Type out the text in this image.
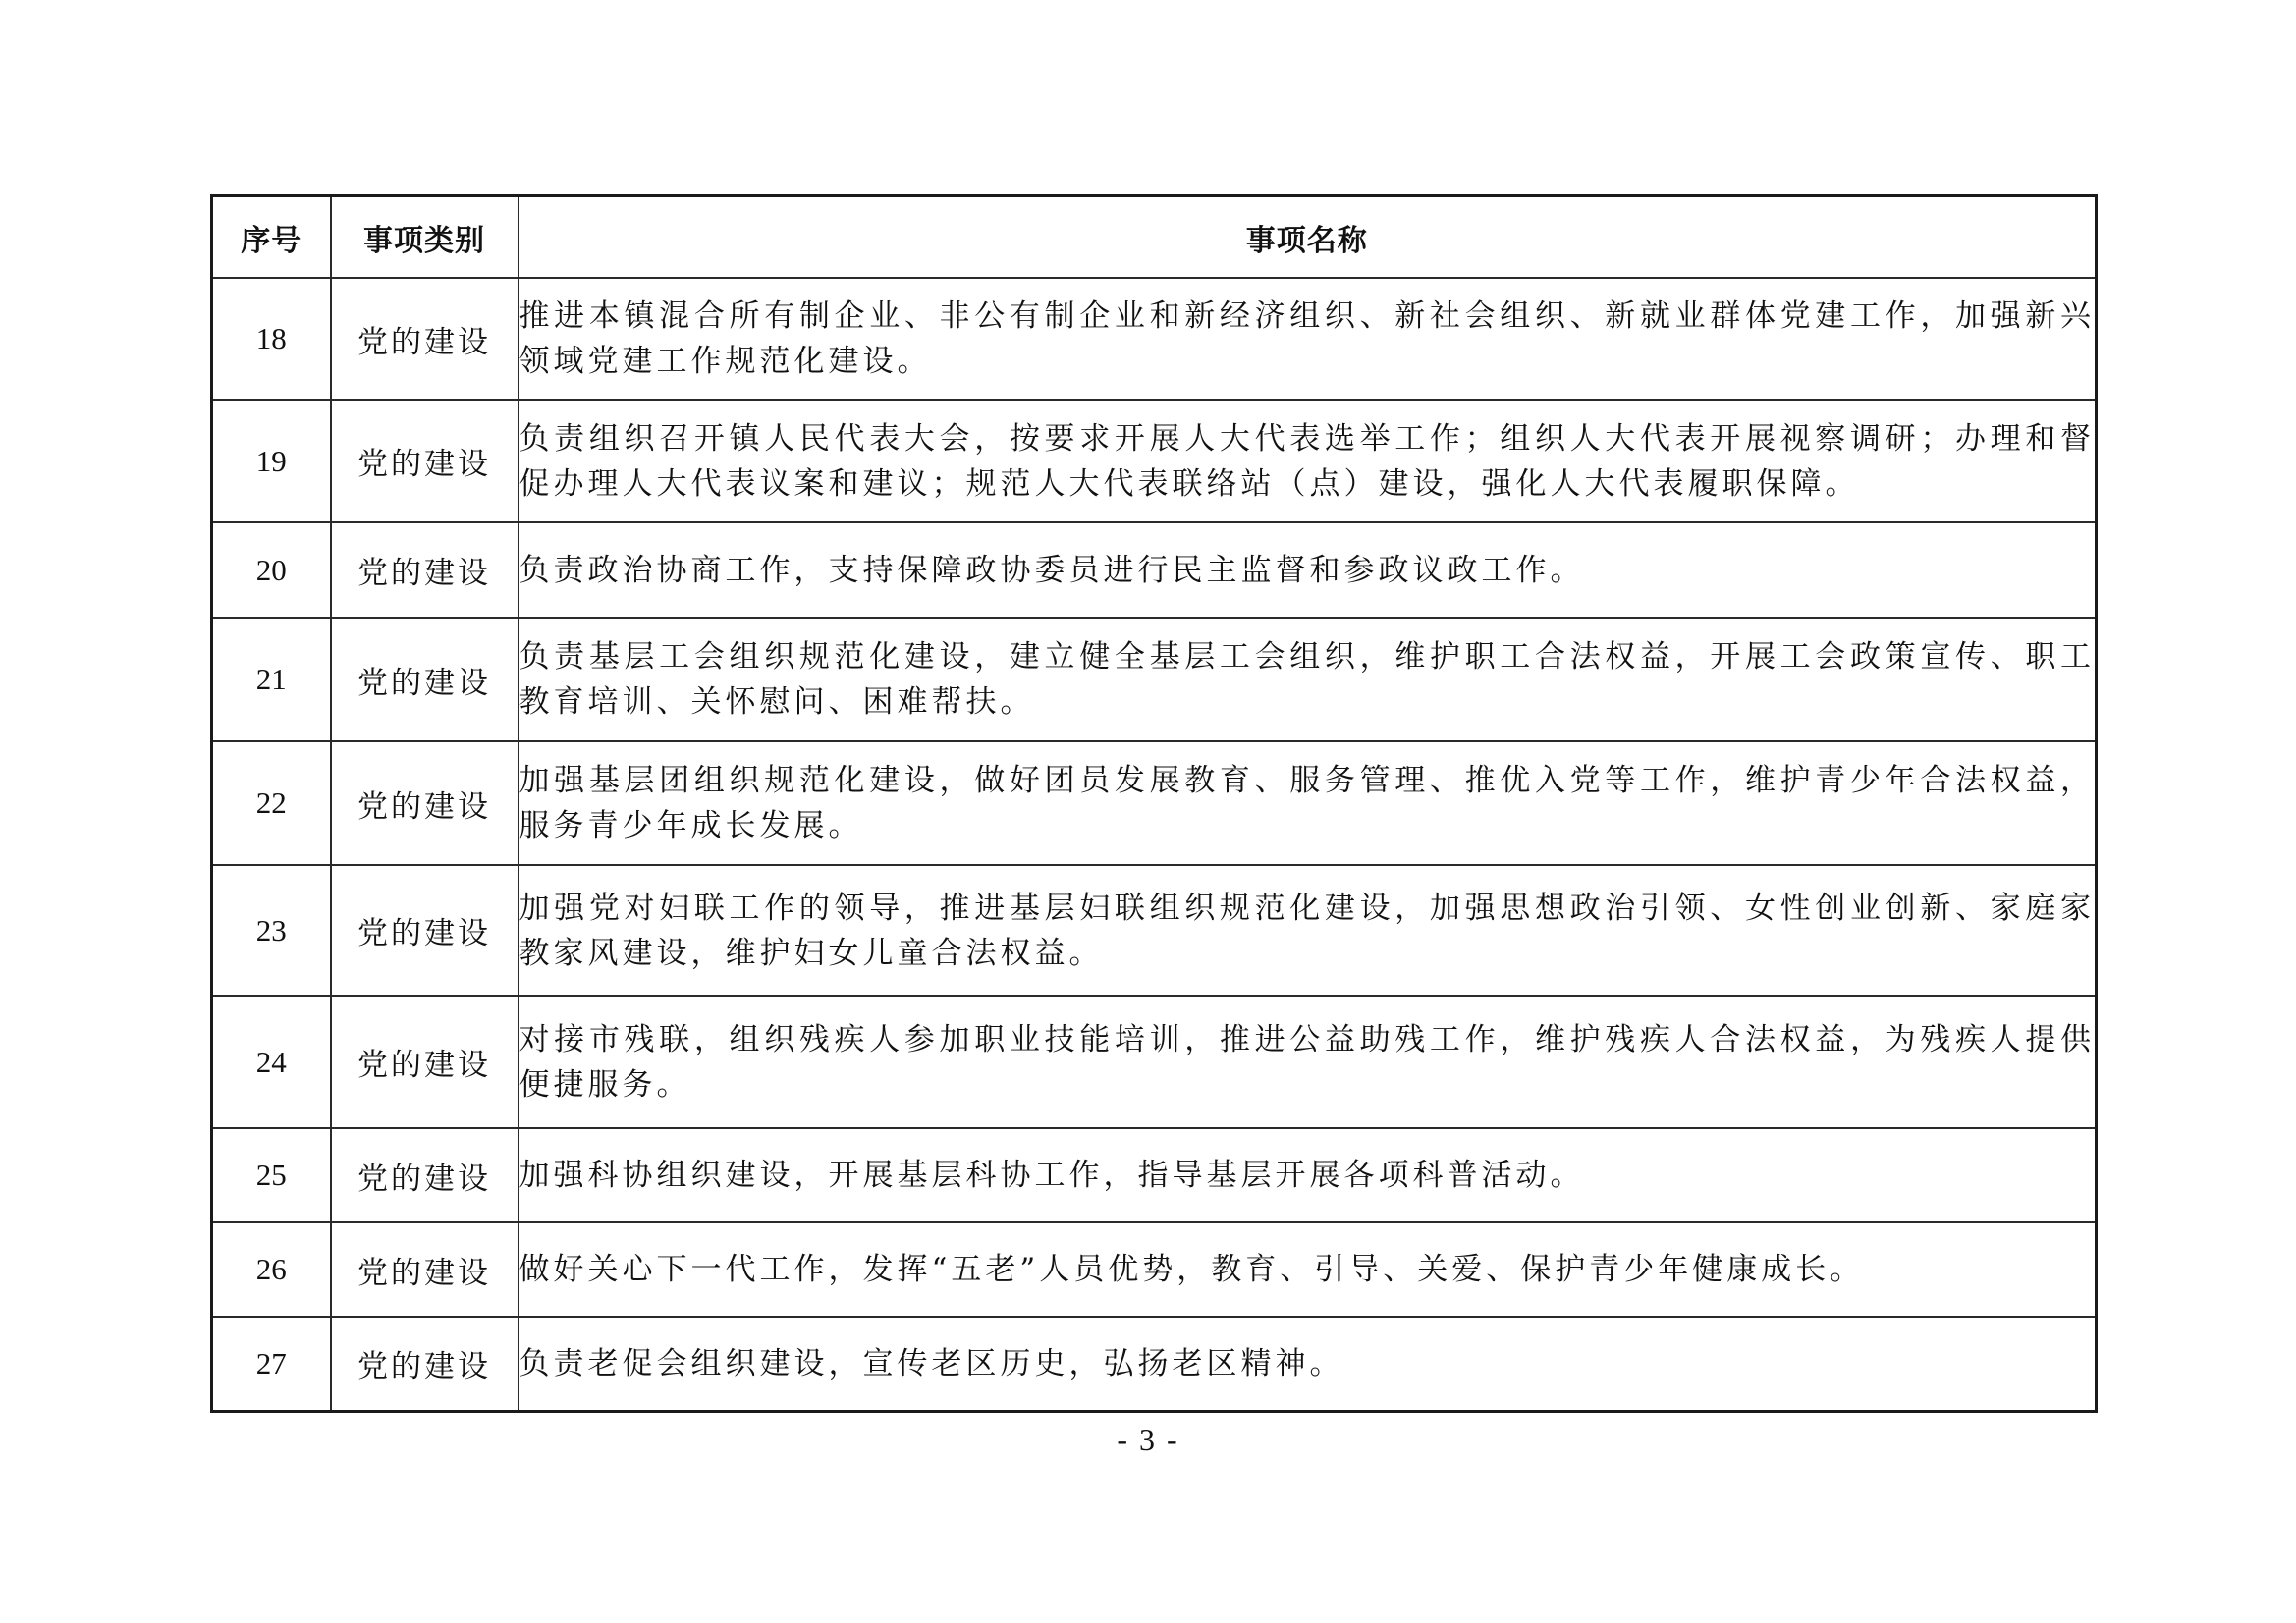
序号	事项类别	事项名称
18	党的建设	推进本镇混合所有制企业、非公有制企业和新经济组织、新社会组织、新就业群体党建工作，加强新兴领域党建工作规范化建设。
19	党的建设	负责组织召开镇人民代表大会，按要求开展人大代表选举工作；组织人大代表开展视察调研；办理和督促办理人大代表议案和建议；规范人大代表联络站（点）建设，强化人大代表履职保障。
20	党的建设	负责政治协商工作，支持保障政协委员进行民主监督和参政议政工作。
21	党的建设	负责基层工会组织规范化建设，建立健全基层工会组织，维护职工合法权益，开展工会政策宣传、职工教育培训、关怀慰问、困难帮扶。
22	党的建设	加强基层团组织规范化建设，做好团员发展教育、服务管理、推优入党等工作，维护青少年合法权益，服务青少年成长发展。
23	党的建设	加强党对妇联工作的领导，推进基层妇联组织规范化建设，加强思想政治引领、女性创业创新、家庭家教家风建设，维护妇女儿童合法权益。
24	党的建设	对接市残联，组织残疾人参加职业技能培训，推进公益助残工作，维护残疾人合法权益，为残疾人提供便捷服务。
25	党的建设	加强科协组织建设，开展基层科协工作，指导基层开展各项科普活动。
26	党的建设	做好关心下一代工作，发挥“五老”人员优势，教育、引导、关爱、保护青少年健康成长。
27	党的建设	负责老促会组织建设，宣传老区历史，弘扬老区精神。
- 3 -
